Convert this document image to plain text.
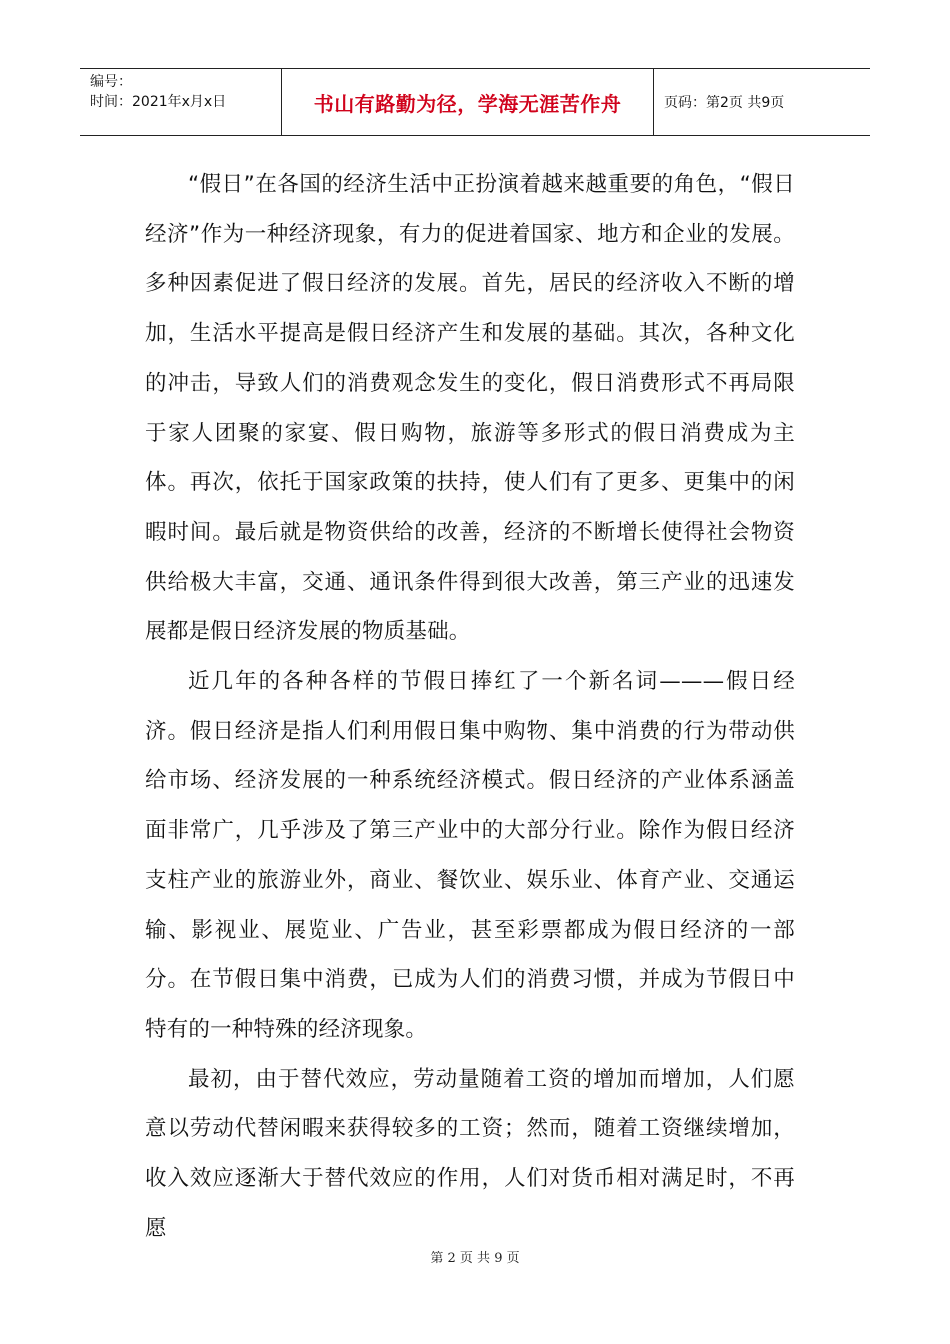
编号：
时间：2021年x月x日	书山有路勤为径，学海无涯苦作舟	页码：第2页 共9页

“假日”在各国的经济生活中正扮演着越来越重要的角色，“假日经济”作为一种经济现象，有力的促进着国家、地方和企业的发展。多种因素促进了假日经济的发展。首先，居民的经济收入不断的增加，生活水平提高是假日经济产生和发展的基础。其次，各种文化的冲击，导致人们的消费观念发生的变化，假日消费形式不再局限于家人团聚的家宴、假日购物，旅游等多形式的假日消费成为主体。再次，依托于国家政策的扶持，使人们有了更多、更集中的闲暇时间。最后就是物资供给的改善，经济的不断增长使得社会物资供给极大丰富，交通、通讯条件得到很大改善，第三产业的迅速发展都是假日经济发展的物质基础。

近几年的各种各样的节假日捧红了一个新名词———假日经济。假日经济是指人们利用假日集中购物、集中消费的行为带动供给市场、经济发展的一种系统经济模式。假日经济的产业体系涵盖面非常广，几乎涉及了第三产业中的大部分行业。除作为假日经济支柱产业的旅游业外，商业、餐饮业、娱乐业、体育产业、交通运输、影视业、展览业、广告业，甚至彩票都成为假日经济的一部分。在节假日集中消费，已成为人们的消费习惯，并成为节假日中特有的一种特殊的经济现象。

最初，由于替代效应，劳动量随着工资的增加而增加，人们愿意以劳动代替闲暇来获得较多的工资；然而，随着工资继续增加，收入效应逐渐大于替代效应的作用，人们对货币相对满足时，不再愿

第 2 页 共 9 页
